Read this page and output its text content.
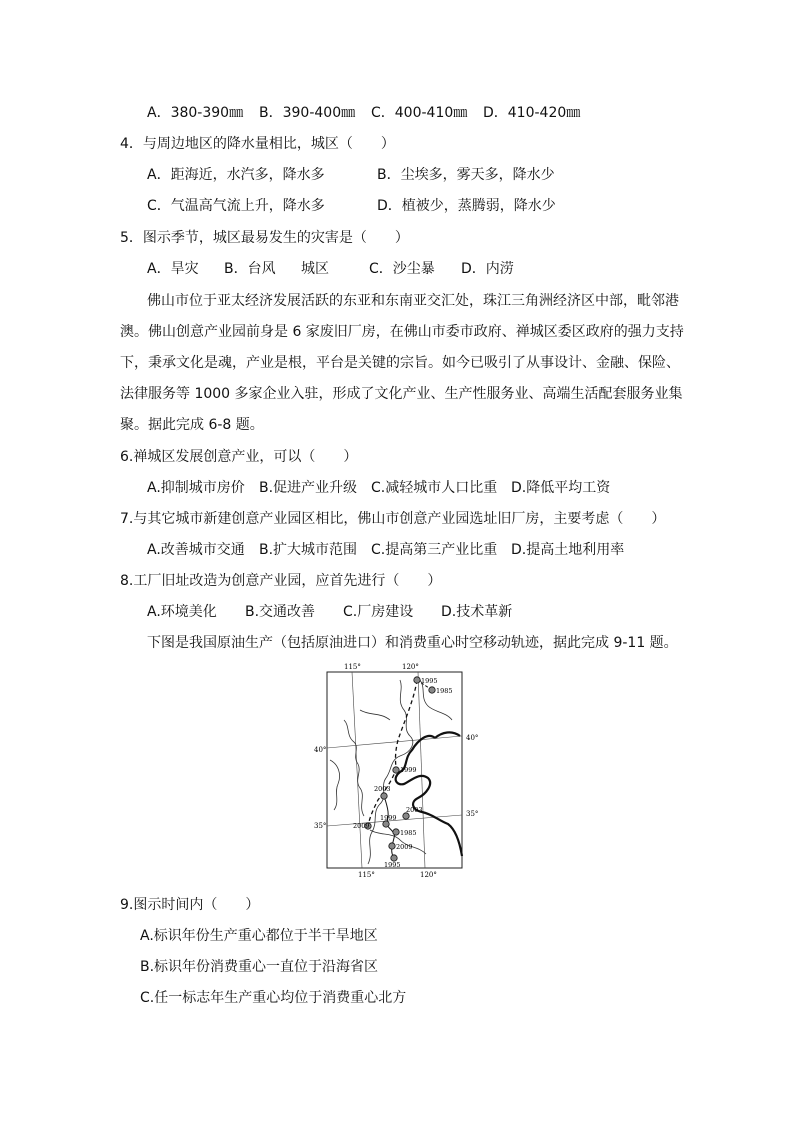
A．380-390㎜ B．390-400㎜ C．400-410㎜ D．410-420㎜
4．与周边地区的降水量相比，城区（　　）
A．距海近，水汽多，降水多	B．尘埃多，雾天多，降水少
C．气温高气流上升，降水多	D．植被少，蒸腾弱，降水少
5．图示季节，城区最易发生的灾害是（　　）
A．旱灾 B．台风 城区	C．沙尘暴 D．内涝
佛山市位于亚太经济发展活跃的东亚和东南亚交汇处，珠江三角洲经济区中部，毗邻港
澳。佛山创意产业园前身是 6 家废旧厂房，在佛山市委市政府、禅城区委区政府的强力支持
下，秉承文化是魂，产业是根，平台是关键的宗旨。如今已吸引了从事设计、金融、保险、
法律服务等 1000 多家企业入驻，形成了文化产业、生产性服务业、高端生活配套服务业集
聚。据此完成 6-8 题。
6.禅城区发展创意产业，可以（　　）
A.抑制城市房价 B.促进产业升级 C.减轻城市人口比重 D.降低平均工资
7.与其它城市新建创意产业园区相比，佛山市创意产业园选址旧厂房，主要考虑（　　）
A.改善城市交通 B.扩大城市范围 C.提高第三产业比重 D.提高土地利用率
8.工厂旧址改造为创意产业园，应首先进行（　　）
A.环境美化 B.交通改善 C.厂房建设 D.技术革新
下图是我国原油生产（包括原油进口）和消费重心时空移动轨迹，据此完成 9-11 题。
115°	120°
115°	120°
40°
40°
35°
35°
1995
1985
1999
2003
2009
2003
1999
1985
2009
1995
9.图示时间内（　　）
A.标识年份生产重心都位于半干旱地区
B.标识年份消费重心一直位于沿海省区
C.任一标志年生产重心均位于消费重心北方
